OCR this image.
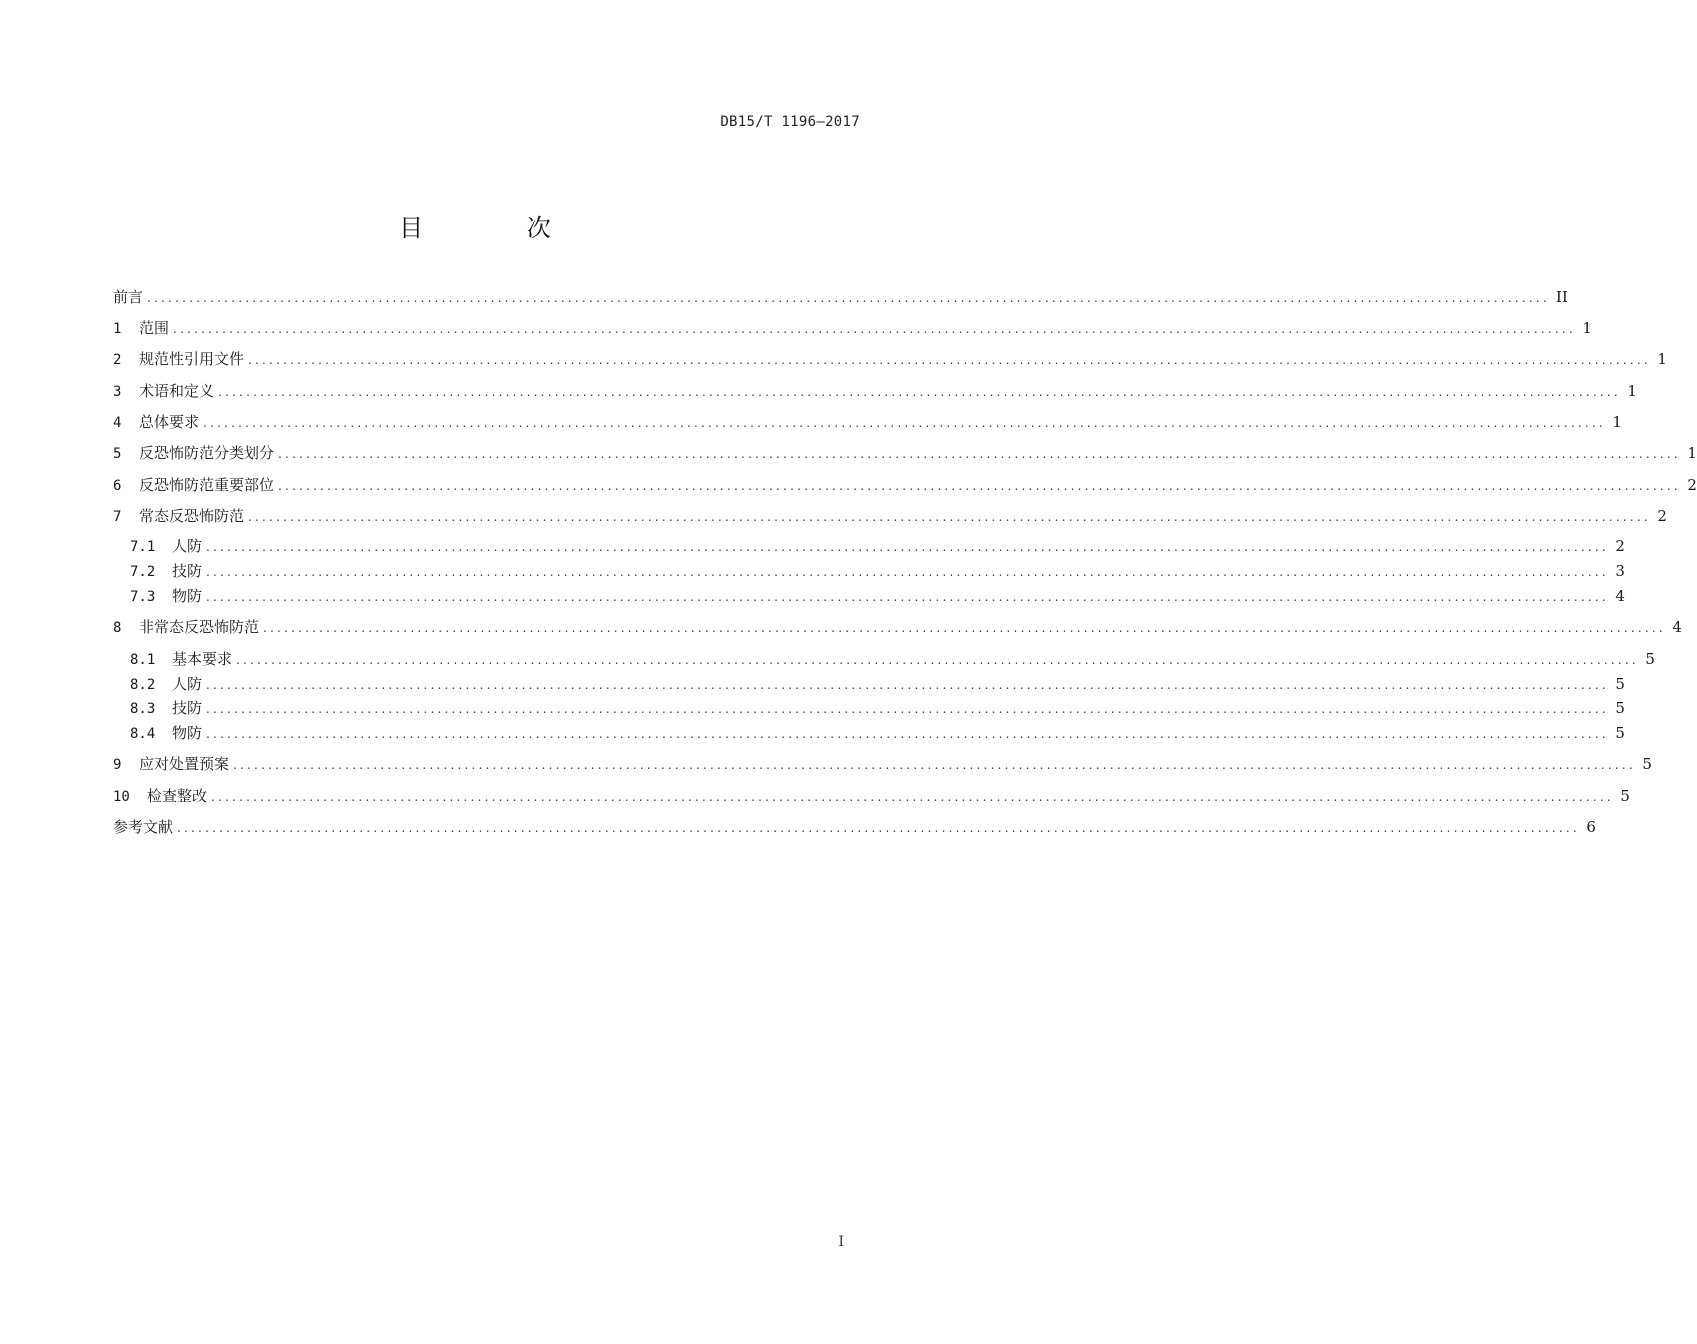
DB15/T 1196—2017
目 次
前言 ........................................................................................................................................................................................................ II
1	范围 ........................................................................................................................................................................................................ 1
2	规范性引用文件 ........................................................................................................................................................................................................ 1
3	术语和定义 ........................................................................................................................................................................................................ 1
4	总体要求 ........................................................................................................................................................................................................ 1
5	反恐怖防范分类划分 ........................................................................................................................................................................................................ 1
6	反恐怖防范重要部位 ........................................................................................................................................................................................................ 2
7	常态反恐怖防范 ........................................................................................................................................................................................................ 2
7.1	人防 ........................................................................................................................................................................................................ 2
7.2	技防 ........................................................................................................................................................................................................ 3
7.3	物防 ........................................................................................................................................................................................................ 4
8	非常态反恐怖防范 ........................................................................................................................................................................................................ 4
8.1	基本要求 ........................................................................................................................................................................................................ 5
8.2	人防 ........................................................................................................................................................................................................ 5
8.3	技防 ........................................................................................................................................................................................................ 5
8.4	物防 ........................................................................................................................................................................................................ 5
9	应对处置预案 ........................................................................................................................................................................................................ 5
10	检查整改 ........................................................................................................................................................................................................ 5
参考文献 ........................................................................................................................................................................................................ 6
I
